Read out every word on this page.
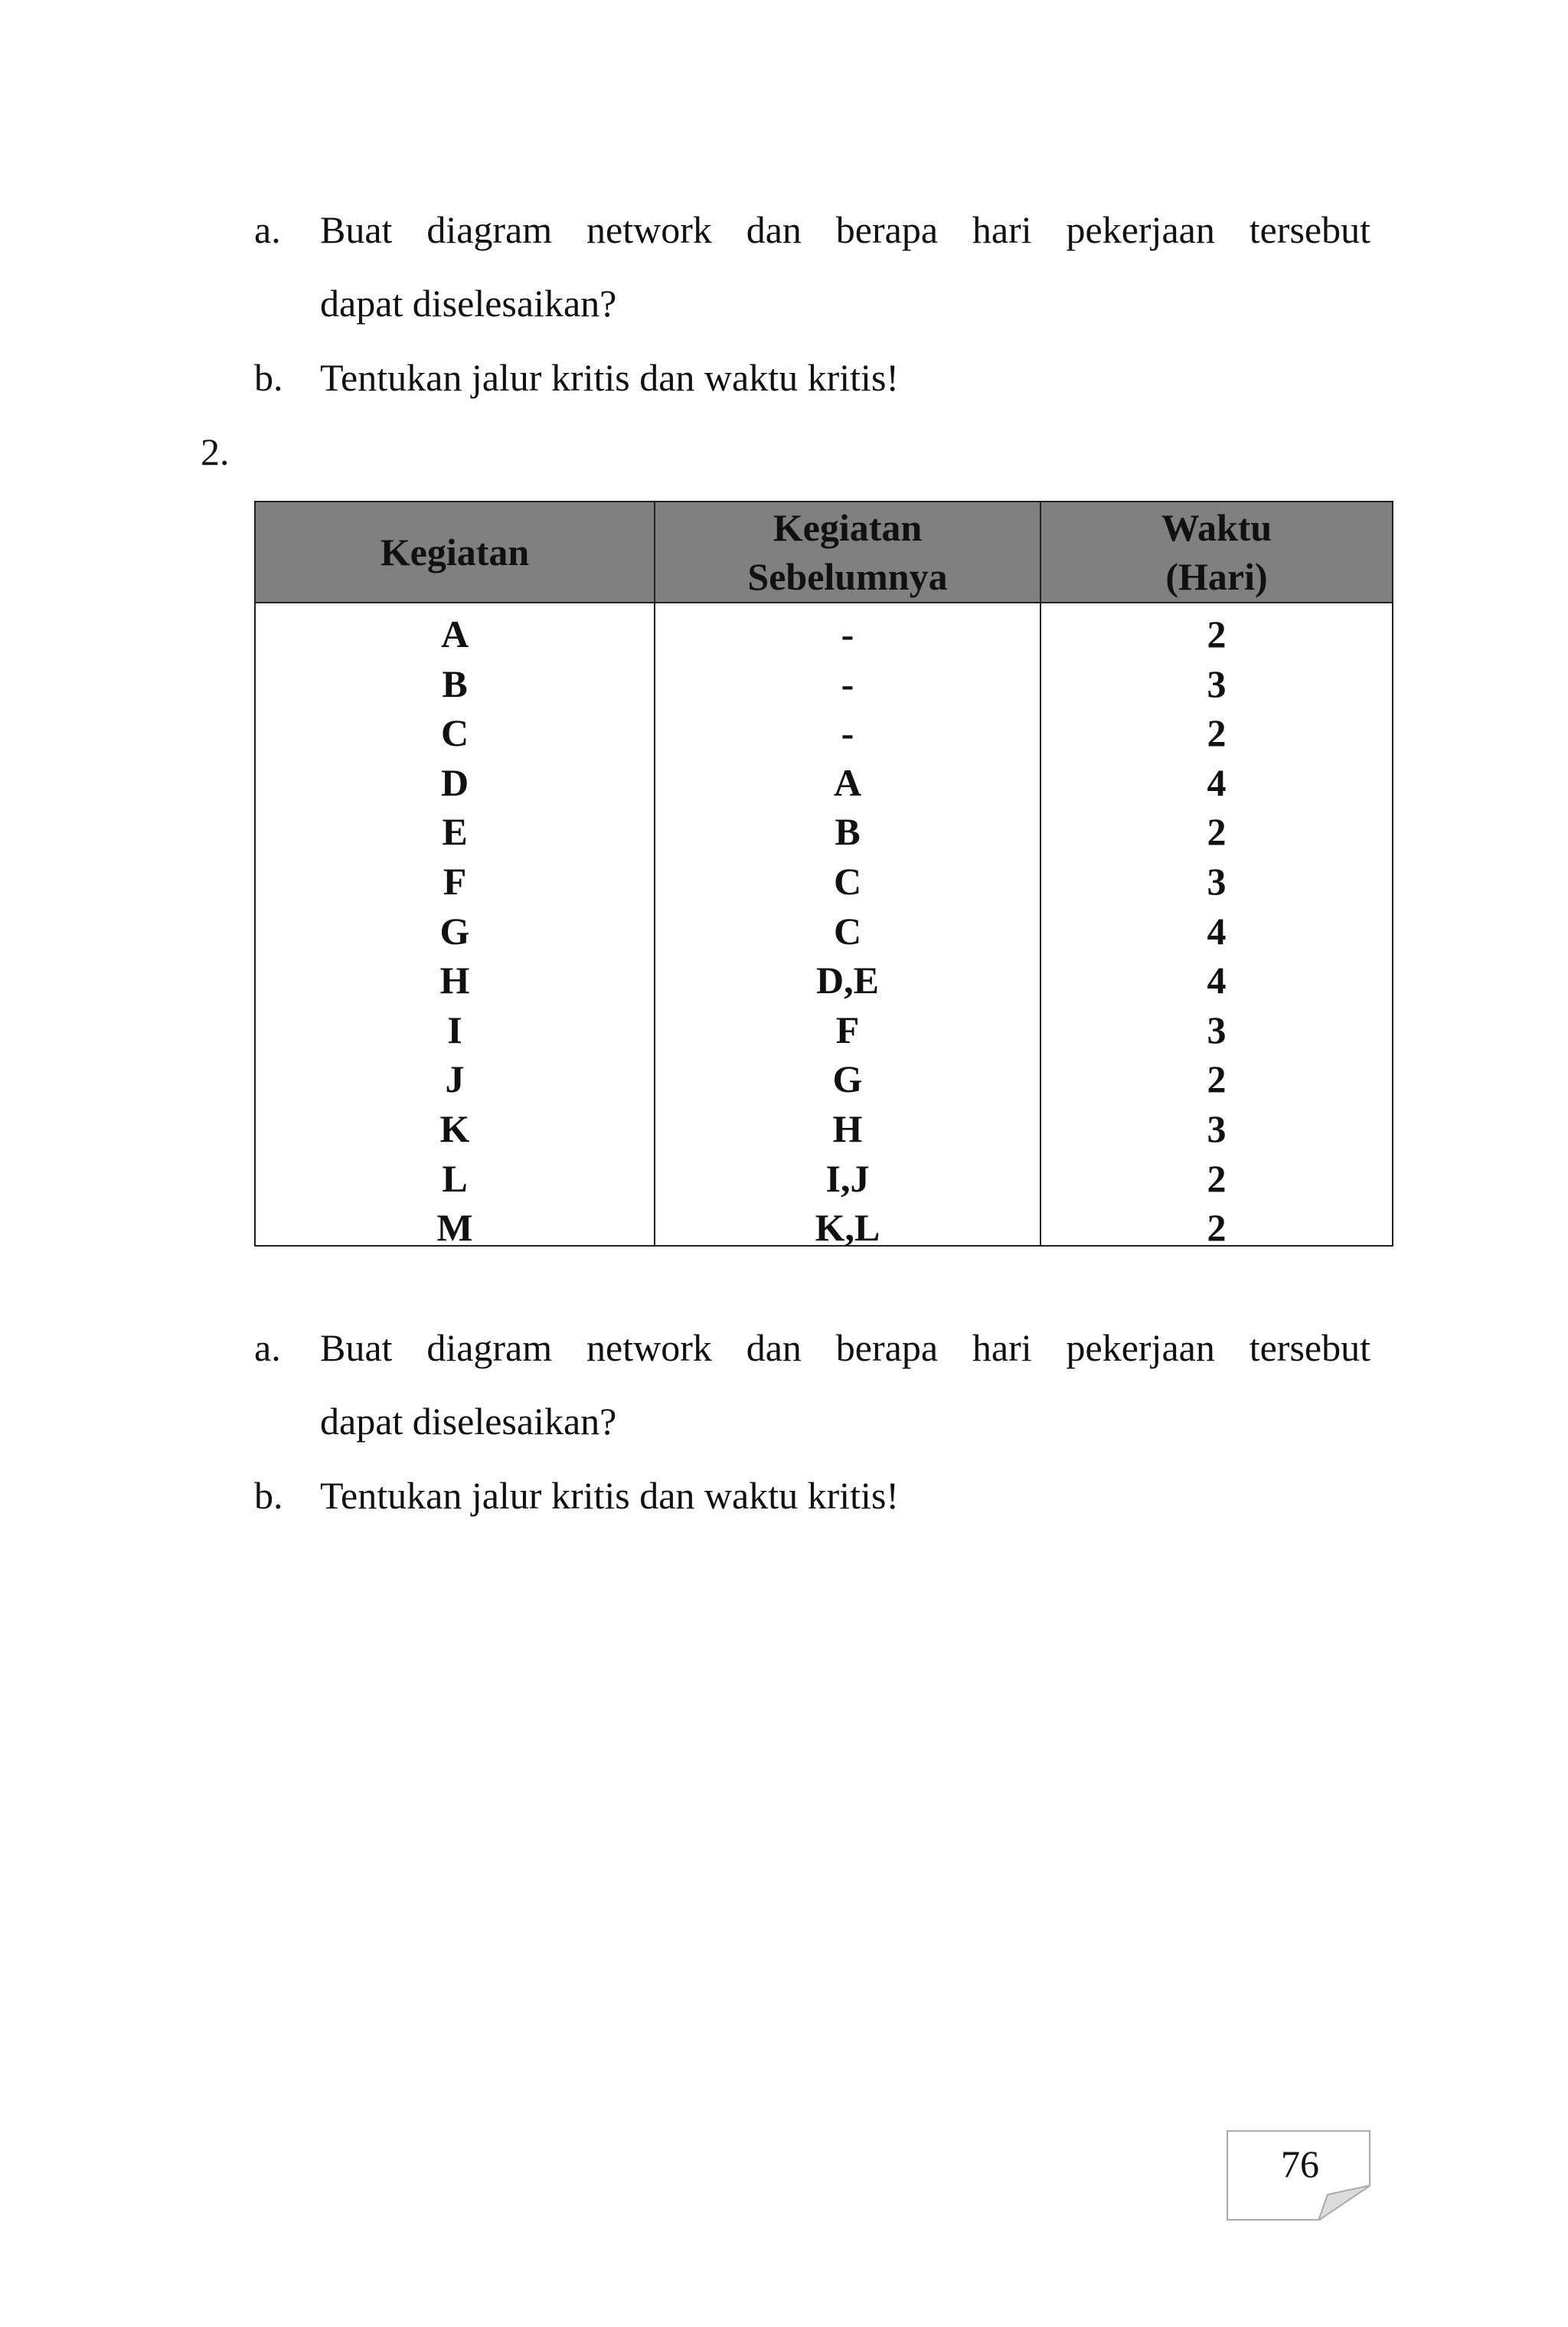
a. Buat diagram network dan berapa hari pekerjaan tersebut
dapat diselesaikan?
b. Tentukan jalur kritis dan waktu kritis!
2.
Kegiatan
Kegiatan
Sebelumnya
Waktu
(Hari)
A
B
C
D
E
F
G
H
I
J
K
L
M
-
-
-
A
B
C
C
D,E
F
G
H
I,J
K,L
2
3
2
4
2
3
4
4
3
2
3
2
2
a. Buat diagram network dan berapa hari pekerjaan tersebut
dapat diselesaikan?
b. Tentukan jalur kritis dan waktu kritis!
76
